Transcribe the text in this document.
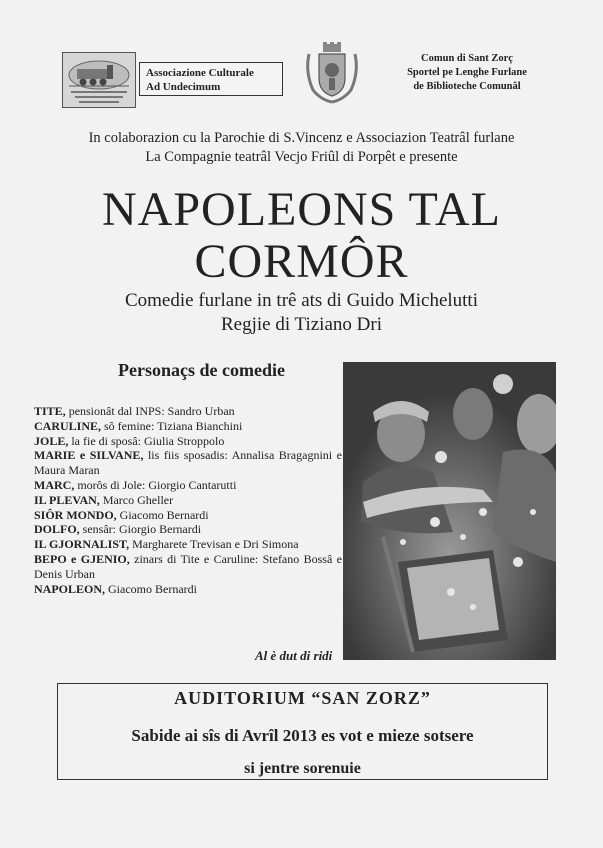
Associazione Culturale
Ad Undecimum
Comun di Sant Zorç
Sportel pe Lenghe Furlane
de Biblioteche Comunâl
In colaborazion cu la Parochie di S.Vincenz e Associazion Teatrâl furlane
La Compagnie teatrâl Vecjo Friûl di Porpêt e presente
NAPOLEONS TAL
CORMÔR
Comedie furlane in trê ats di Guido Michelutti
Regjie di Tiziano Dri
Personaçs de comedie
TITE, pensionât dal INPS: Sandro Urban
CARULINE, sô femine: Tiziana Bianchini
JOLE, la fie di sposâ: Giulia Stroppolo
MARIE e SILVANE, lis fiis sposadis: Annalisa Bragagnini e Maura Maran
MARC, morôs di Jole: Giorgio Cantarutti
IL PLEVAN, Marco Gheller
SIÔR MONDO, Giacomo Bernardi
DOLFO, sensâr: Giorgio Bernardi
IL GJORNALIST, Margharete Trevisan e Dri Simona
BEPO e GJENIO, zinars di Tite e Caruline: Stefano Bossâ e Denis Urban
NAPOLEON, Giacomo Bernardi
Al è dut di ridi
AUDITORIUM “SAN ZORZ”
Sabide ai sîs di Avrîl 2013 es vot e mieze sotsere
si jentre sorenuie
